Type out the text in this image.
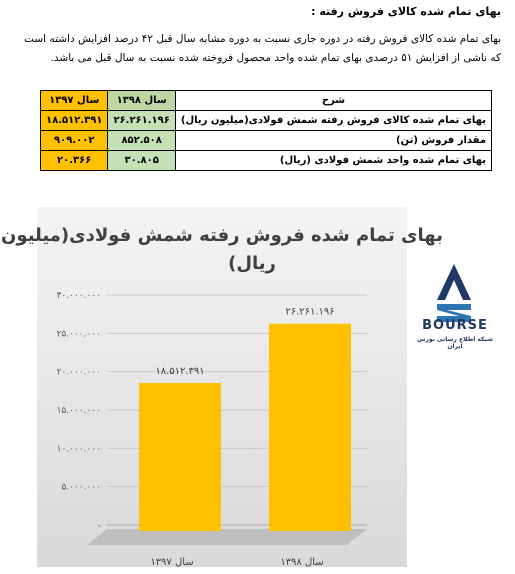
بهای تمام شده کالای فروش رفته :
بهای تمام شده کالای فروش رفته در دوره جاری نسبت به دوره مشابه سال قبل ۴۲ درصد افزایش داشته است که ناشی از افزایش ۵۱ درصدی بهای تمام شده واحد محصول فروخته شده نسبت به سال قبل می باشد.
شرح	سال ۱۳۹۸	سال ۱۳۹۷
بهای تمام شده کالای فروش رفته شمش فولادی(میلیون ریال)	۲۶.۲۶۱.۱۹۶	۱۸.۵۱۲.۳۹۱
مقدار فروش (تن)	۸۵۲.۵۰۸	۹۰۹.۰۰۲
بهای تمام شده واحد شمش فولادی (ریال)	۳۰.۸۰۵	۲۰.۳۶۶
بهای تمام شده فروش رفته شمش فولادی(میلیون
ریال)
-
۵.۰۰۰.۰۰۰
۱۰.۰۰۰.۰۰۰
۱۵.۰۰۰.۰۰۰
۲۰.۰۰۰.۰۰۰
۲۵.۰۰۰.۰۰۰
۳۰.۰۰۰.۰۰۰
۱۸.۵۱۲.۳۹۱
سال ۱۳۹۷
۲۶.۲۶۱.۱۹۶
سال ۱۳۹۸
BOURSE
شبکه اطلاع رسانی بورس ایران
